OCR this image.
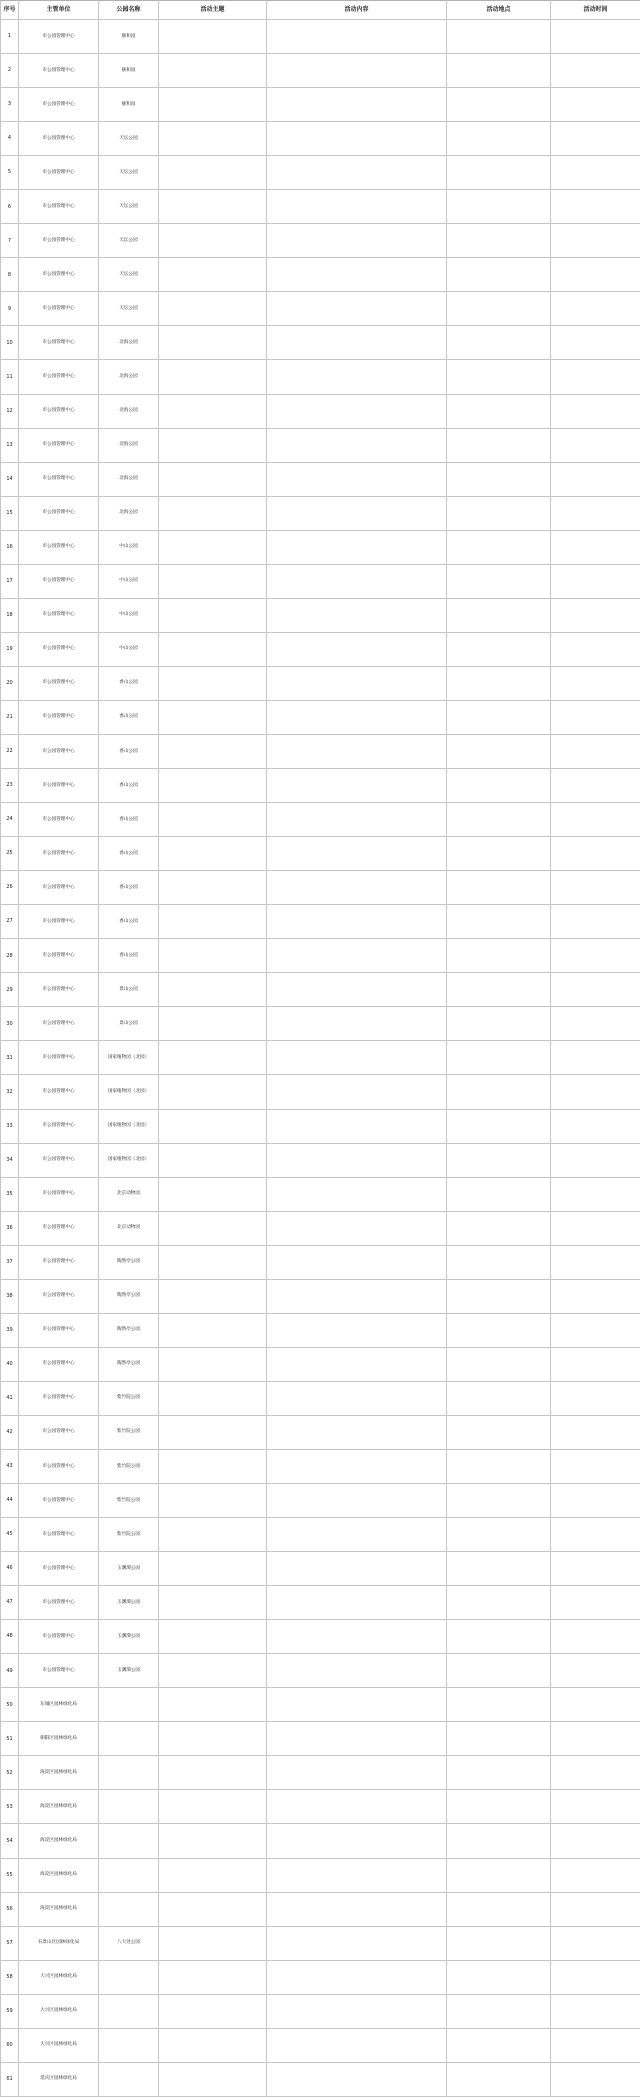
序号	主管单位	公园名称	活动主题	活动内容	活动地点	活动时间
1	市公园管理中心	颐和园				
2	市公园管理中心	颐和园				
3	市公园管理中心	颐和园				
4	市公园管理中心	天坛公园				
5	市公园管理中心	天坛公园				
6	市公园管理中心	天坛公园				
7	市公园管理中心	天坛公园				
8	市公园管理中心	天坛公园				
9	市公园管理中心	天坛公园				
10	市公园管理中心	北海公园				
11	市公园管理中心	北海公园				
12	市公园管理中心	北海公园				
13	市公园管理中心	北海公园				
14	市公园管理中心	北海公园				
15	市公园管理中心	北海公园				
16	市公园管理中心	中山公园				
17	市公园管理中心	中山公园				
18	市公园管理中心	中山公园				
19	市公园管理中心	中山公园				
20	市公园管理中心	香山公园				
21	市公园管理中心	香山公园				
22	市公园管理中心	香山公园				
23	市公园管理中心	香山公园				
24	市公园管理中心	香山公园				
25	市公园管理中心	香山公园				
26	市公园管理中心	香山公园				
27	市公园管理中心	香山公园				
28	市公园管理中心	香山公园				
29	市公园管理中心	景山公园				
30	市公园管理中心	景山公园				
31	市公园管理中心	国家植物园（北园）				
32	市公园管理中心	国家植物园（北园）				
33	市公园管理中心	国家植物园（北园）				
34	市公园管理中心	国家植物园（北园）				
35	市公园管理中心	北京动物园				
36	市公园管理中心	北京动物园				
37	市公园管理中心	陶然亭公园				
38	市公园管理中心	陶然亭公园				
39	市公园管理中心	陶然亭公园				
40	市公园管理中心	陶然亭公园				
41	市公园管理中心	紫竹院公园				
42	市公园管理中心	紫竹院公园				
43	市公园管理中心	紫竹院公园				
44	市公园管理中心	紫竹院公园				
45	市公园管理中心	紫竹院公园				
46	市公园管理中心	玉渊潭公园				
47	市公园管理中心	玉渊潭公园				
48	市公园管理中心	玉渊潭公园				
49	市公园管理中心	玉渊潭公园				
50	东城区园林绿化局					
51	朝阳区园林绿化局					
52	海淀区园林绿化局					
53	海淀区园林绿化局					
54	海淀区园林绿化局					
55	海淀区园林绿化局					
56	海淀区园林绿化局					
57	石景山区园林绿化局	八大处公园				
58	大兴区园林绿化局					
59	大兴区园林绿化局					
60	大兴区园林绿化局					
61	延庆区园林绿化局					
